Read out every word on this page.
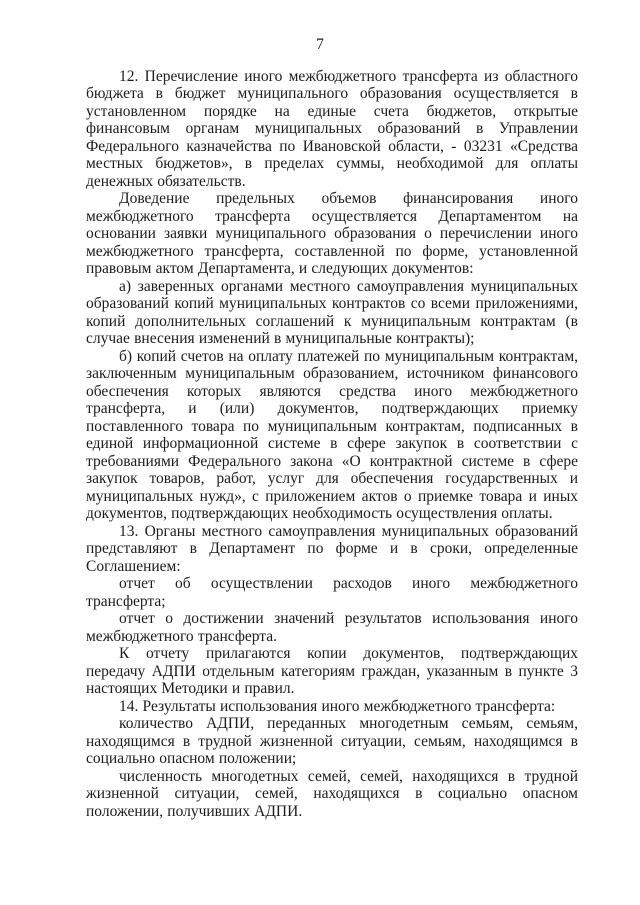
7

12. Перечисление иного межбюджетного трансферта из областного бюджета в бюджет муниципального образования осуществляется в установленном порядке на единые счета бюджетов, открытые финансовым органам муниципальных образований в Управлении Федерального казначейства по Ивановской области, - 03231 «Средства местных бюджетов», в пределах суммы, необходимой для оплаты денежных обязательств.

Доведение предельных объемов финансирования иного межбюджетного трансферта осуществляется Департаментом на основании заявки муниципального образования о перечислении иного межбюджетного трансферта, составленной по форме, установленной правовым актом Департамента, и следующих документов:

а) заверенных органами местного самоуправления муниципальных образований копий муниципальных контрактов со всеми приложениями, копий дополнительных соглашений к муниципальным контрактам (в случае внесения изменений в муниципальные контракты);

б) копий счетов на оплату платежей по муниципальным контрактам, заключенным муниципальным образованием, источником финансового обеспечения которых являются средства иного межбюджетного трансферта, и (или) документов, подтверждающих приемку поставленного товара по муниципальным контрактам, подписанных в единой информационной системе в сфере закупок в соответствии с требованиями Федерального закона «О контрактной системе в сфере закупок товаров, работ, услуг для обеспечения государственных и муниципальных нужд», с приложением актов о приемке товара и иных документов, подтверждающих необходимость осуществления оплаты.

13. Органы местного самоуправления муниципальных образований представляют в Департамент по форме и в сроки, определенные Соглашением:

отчет об осуществлении расходов иного межбюджетного трансферта;

отчет о достижении значений результатов использования иного межбюджетного трансферта.

К отчету прилагаются копии документов, подтверждающих передачу АДПИ отдельным категориям граждан, указанным в пункте 3 настоящих Методики и правил.

14. Результаты использования иного межбюджетного трансферта:

количество АДПИ, переданных многодетным семьям, семьям, находящимся в трудной жизненной ситуации, семьям, находящимся в социально опасном положении;

численность многодетных семей, семей, находящихся в трудной жизненной ситуации, семей, находящихся в социально опасном положении, получивших АДПИ.
